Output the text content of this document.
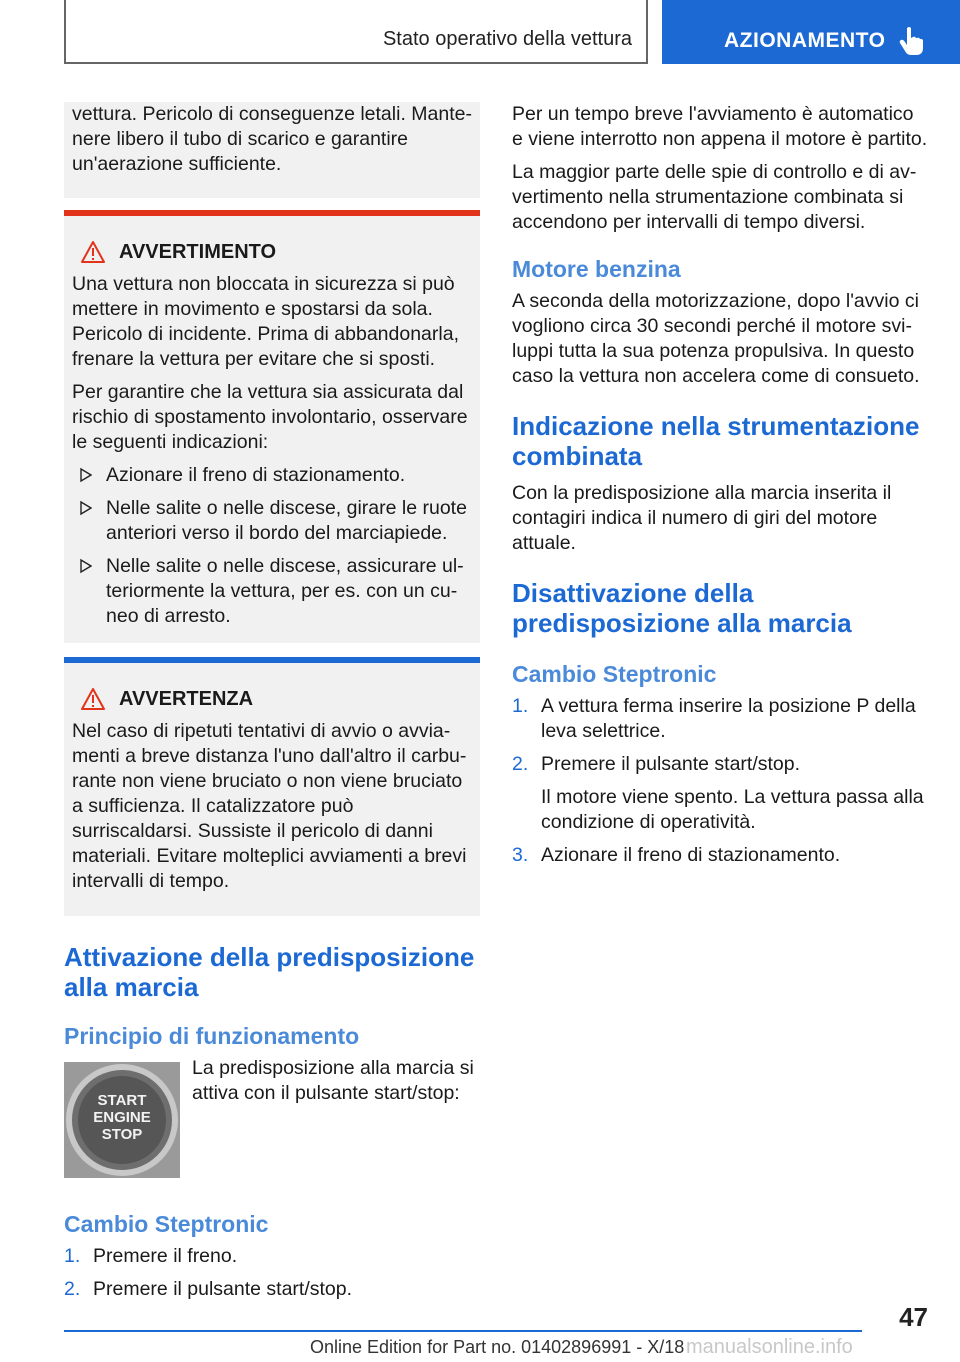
Stato operativo della vettura	AZIONAMENTO

vettura. Pericolo di conseguenze letali. Mantenere libero il tubo di scarico e garantire un'aerazione sufficiente.

AVVERTIMENTO

Una vettura non bloccata in sicurezza si può mettere in movimento e spostarsi da sola. Pericolo di incidente. Prima di abbandonarla, frenare la vettura per evitare che si sposti.

Per garantire che la vettura sia assicurata dal rischio di spostamento involontario, osservare le seguenti indicazioni:

Azionare il freno di stazionamento.
Nelle salite o nelle discese, girare le ruote anteriori verso il bordo del marciapiede.
Nelle salite o nelle discese, assicurare ulteriormente la vettura, per es. con un cuneo di arresto.
AVVERTENZA

Nel caso di ripetuti tentativi di avvio o avviamenti a breve distanza l'uno dall'altro il carburante non viene bruciato o non viene bruciato a sufficienza. Il catalizzatore può surriscaldarsi. Sussiste il pericolo di danni materiali. Evitare molteplici avviamenti a brevi intervalli di tempo.

Attivazione della predisposizione alla marcia
Principio di funzionamento
START
ENGINE
STOP

La predisposizione alla marcia si attiva con il pulsante start/stop:

Cambio Steptronic
1. Premere il freno.
2. Premere il pulsante start/stop.

Per un tempo breve l'avviamento è automatico e viene interrotto non appena il motore è partito.

La maggior parte delle spie di controllo e di avvertimento nella strumentazione combinata si accendono per intervalli di tempo diversi.

Motore benzina

A seconda della motorizzazione, dopo l'avvio ci vogliono circa 30 secondi perché il motore sviluppi tutta la sua potenza propulsiva. In questo caso la vettura non accelera come di consueto.

Indicazione nella strumentazione combinata

Con la predisposizione alla marcia inserita il contagiri indica il numero di giri del motore attuale.

Disattivazione della predisposizione alla marcia
Cambio Steptronic
1. A vettura ferma inserire la posizione P della leva selettrice.
2. Premere il pulsante start/stop.
Il motore viene spento. La vettura passa alla condizione di operatività.
3. Azionare il freno di stazionamento.
47
Online Edition for Part no. 01402896991 - X/18 manualsonline.info
